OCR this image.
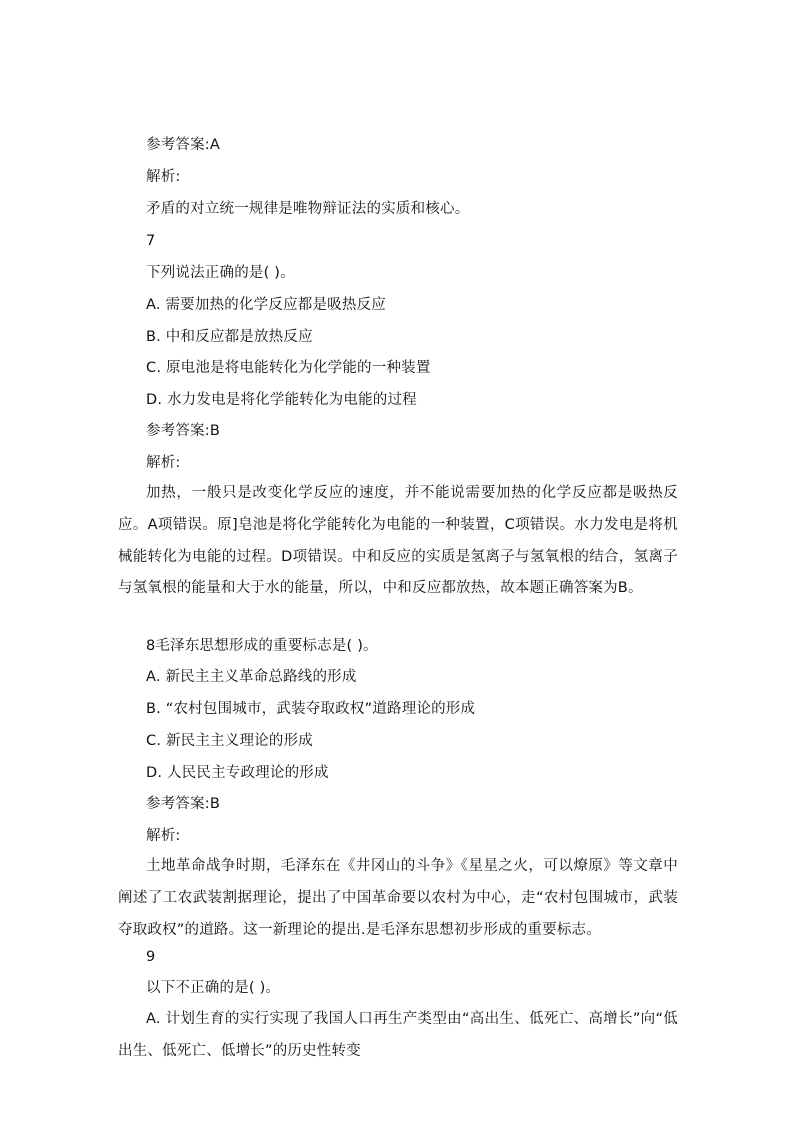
参考答案:A
解析:
矛盾的对立统一规律是唯物辩证法的实质和核心。
7
下列说法正确的是( )。
A. 需要加热的化学反应都是吸热反应
B. 中和反应都是放热反应
C. 原电池是将电能转化为化学能的一种装置
D. 水力发电是将化学能转化为电能的过程
参考答案:B
解析:
加热，一般只是改变化学反应的速度，并不能说需要加热的化学反应都是吸热反应。A项错误。原]皂池是将化学能转化为电能的一种装置，C项错误。水力发电是将机械能转化为电能的过程。D项错误。中和反应的实质是氢离子与氢氧根的结合，氢离子与氢氧根的能量和大于水的能量，所以，中和反应都放热，故本题正确答案为B。
8毛泽东思想形成的重要标志是( )。
A. 新民主主义革命总路线的形成
B. “农村包围城市，武装夺取政权”道路理论的形成
C. 新民主主义理论的形成
D. 人民民主专政理论的形成
参考答案:B
解析:
土地革命战争时期，毛泽东在《井冈山的斗争》《星星之火，可以燎原》等文章中阐述了工农武装割据理论，提出了中国革命要以农村为中心，走“农村包围城市，武装夺取政权”的道路。这一新理论的提出.是毛泽东思想初步形成的重要标志。
9
以下不正确的是( )。
A. 计划生育的实行实现了我国人口再生产类型由“高出生、低死亡、高增长”向“低出生、低死亡、低增长”的历史性转变
